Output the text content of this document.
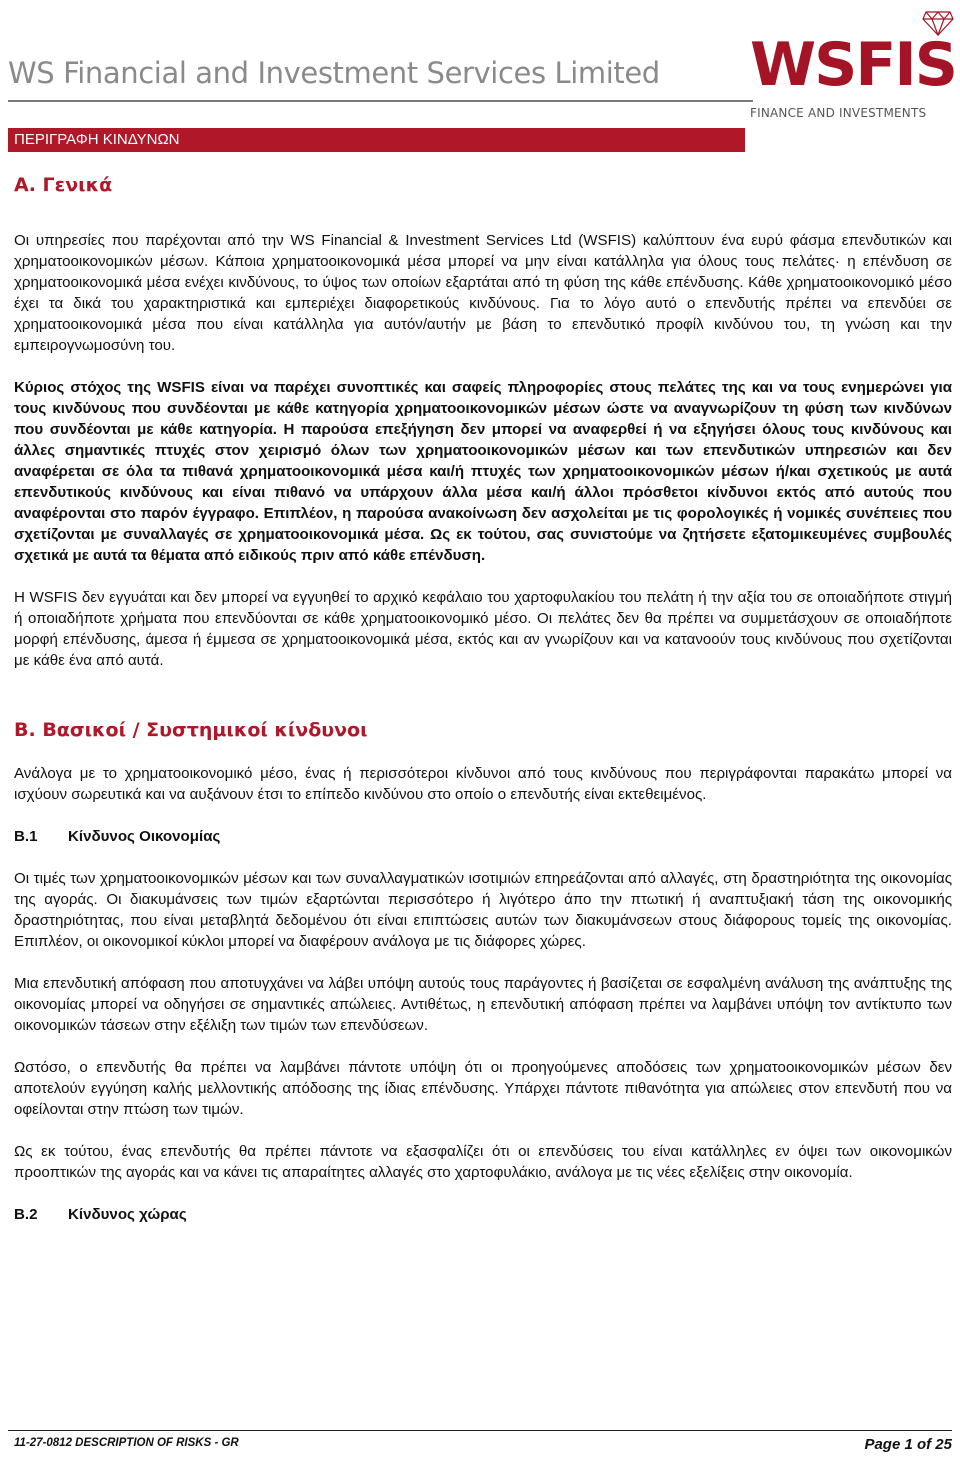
WS Financial and Investment Services Limited WSFIS
FINANCE AND INVESTMENTS
ΠΕΡΙΓΡΑΦΗ ΚΙΝΔΥΝΩΝ
Α. Γενικά

Οι υπηρεσίες που παρέχονται από την WS Financial & Investment Services Ltd (WSFIS) καλύπτουν ένα ευρύ φάσμα επενδυτικών και χρηματοοικονομικών μέσων. Κάποια χρηματοοικονομικά μέσα μπορεί να μην είναι κατάλληλα για όλους τους πελάτες· η επένδυση σε χρηματοοικονομικά μέσα ενέχει κινδύνους, το ύψος των οποίων εξαρτάται από τη φύση της κάθε επένδυσης. Κάθε χρηματοοικονομικό μέσο έχει τα δικά του χαρακτηριστικά και εμπεριέχει διαφορετικούς κινδύνους. Για το λόγο αυτό ο επενδυτής πρέπει να επενδύει σε χρηματοοικονομικά μέσα που είναι κατάλληλα για αυτόν/αυτήν με βάση το επενδυτικό προφίλ κινδύνου του, τη γνώση και την εμπειρογνωμοσύνη του.

Κύριος στόχος της WSFIS είναι να παρέχει συνοπτικές και σαφείς πληροφορίες στους πελάτες της και να τους ενημερώνει για τους κινδύνους που συνδέονται με κάθε κατηγορία χρηματοοικονομικών μέσων ώστε να αναγνωρίζουν τη φύση των κινδύνων που συνδέονται με κάθε κατηγορία. Η παρούσα επεξήγηση δεν μπορεί να αναφερθεί ή να εξηγήσει όλους τους κινδύνους και άλλες σημαντικές πτυχές στον χειρισμό όλων των χρηματοοικονομικών μέσων και των επενδυτικών υπηρεσιών και δεν αναφέρεται σε όλα τα πιθανά χρηματοοικονομικά μέσα και/ή πτυχές των χρηματοοικονομικών μέσων ή/και σχετικούς με αυτά επενδυτικούς κινδύνους και είναι πιθανό να υπάρχουν άλλα μέσα και/ή άλλοι πρόσθετοι κίνδυνοι εκτός από αυτούς που αναφέρονται στο παρόν έγγραφο. Επιπλέον, η παρούσα ανακοίνωση δεν ασχολείται με τις φορολογικές ή νομικές συνέπειες που σχετίζονται με συναλλαγές σε χρηματοοικονομικά μέσα. Ως εκ τούτου, σας συνιστούμε να ζητήσετε εξατομικευμένες συμβουλές σχετικά με αυτά τα θέματα από ειδικούς πριν από κάθε επένδυση.

Η WSFIS δεν εγγυάται και δεν μπορεί να εγγυηθεί το αρχικό κεφάλαιο του χαρτοφυλακίου του πελάτη ή την αξία του σε οποιαδήποτε στιγμή ή οποιαδήποτε χρήματα που επενδύονται σε κάθε χρηματοοικονομικό μέσο. Οι πελάτες δεν θα πρέπει να συμμετάσχουν σε οποιαδήποτε μορφή επένδυσης, άμεσα ή έμμεσα σε χρηματοοικονομικά μέσα, εκτός και αν γνωρίζουν και να κατανοούν τους κινδύνους που σχετίζονται με κάθε ένα από αυτά.

Β. Βασικοί / Συστημικοί κίνδυνοι

Ανάλογα με το χρηματοοικονομικό μέσο, ένας ή περισσότεροι κίνδυνοι από τους κινδύνους που περιγράφονται παρακάτω μπορεί να ισχύουν σωρευτικά και να αυξάνουν έτσι το επίπεδο κινδύνου στο οποίο ο επενδυτής είναι εκτεθειμένος.

Β.1 Κίνδυνος Οικονομίας

Οι τιμές των χρηματοοικονομικών μέσων και των συναλλαγματικών ισοτιμιών επηρεάζονται από αλλαγές, στη δραστηριότητα της οικονομίας της αγοράς. Οι διακυμάνσεις των τιμών εξαρτώνται περισσότερο ή λιγότερο άπο την πτωτική ή αναπτυξιακή τάση της οικονομικής δραστηριότητας, που είναι μεταβλητά δεδομένου ότι είναι επιπτώσεις αυτών των διακυμάνσεων στους διάφορους τομείς της οικονομίας. Επιπλέον, οι οικονομικοί κύκλοι μπορεί να διαφέρουν ανάλογα με τις διάφορες χώρες.

Μια επενδυτική απόφαση που αποτυγχάνει να λάβει υπόψη αυτούς τους παράγοντες ή βασίζεται σε εσφαλμένη ανάλυση της ανάπτυξης της οικονομίας μπορεί να οδηγήσει σε σημαντικές απώλειες. Αντιθέτως, η επενδυτική απόφαση πρέπει να λαμβάνει υπόψη τον αντίκτυπο των οικονομικών τάσεων στην εξέλιξη των τιμών των επενδύσεων.

Ωστόσο, ο επενδυτής θα πρέπει να λαμβάνει πάντοτε υπόψη ότι οι προηγούμενες αποδόσεις των χρηματοοικονομικών μέσων δεν αποτελούν εγγύηση καλής μελλοντικής απόδοσης της ίδιας επένδυσης. Υπάρχει πάντοτε πιθανότητα για απώλειες στον επενδυτή που να οφείλονται στην πτώση των τιμών.

Ως εκ τούτου, ένας επενδυτής θα πρέπει πάντοτε να εξασφαλίζει ότι οι επενδύσεις του είναι κατάλληλες εν όψει των οικονομικών προοπτικών της αγοράς και να κάνει τις απαραίτητες αλλαγές στο χαρτοφυλάκιο, ανάλογα με τις νέες εξελίξεις στην οικονομία.

Β.2 Κίνδυνος χώρας

11-27-0812 DESCRIPTION OF RISKS - GR	Page 1 of 25
